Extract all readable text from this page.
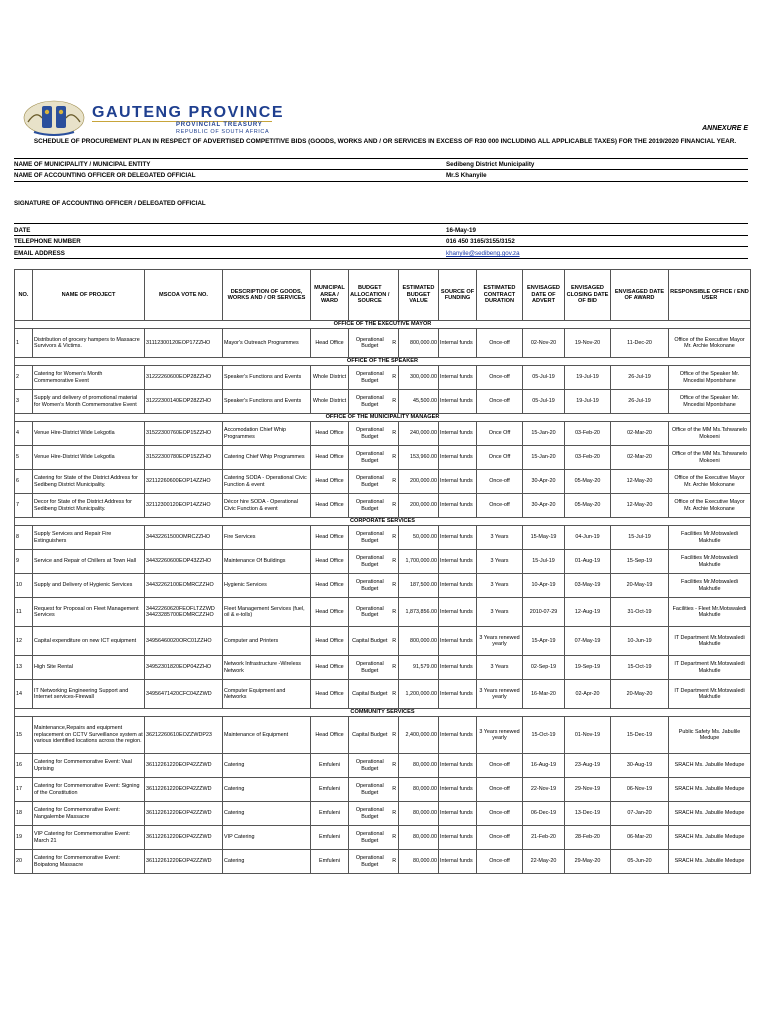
GAUTENG PROVINCE
PROVINCIAL TREASURY
REPUBLIC OF SOUTH AFRICA	ANNEXURE E
SCHEDULE OF PROCUREMENT PLAN IN RESPECT OF ADVERTISED COMPETITIVE BIDS (GOODS, WORKS AND / OR SERVICES IN EXCESS OF R30 000 INCLUDING ALL APPLICABLE TAXES) FOR THE 2019/2020 FINANCIAL YEAR.
NAME OF MUNICIPALITY / MUNICIPAL ENTITY	Sedibeng District Municipality
NAME OF ACCOUNTING OFFICER OR DELEGATED OFFICIAL	Mr.S Khanyile
SIGNATURE OF ACCOUNTING OFFICER / DELEGATED OFFICIAL
DATE	16-May-19
TELEPHONE NUMBER	016 450 3165/3155/3152
EMAIL ADDRESS	khanyile@sedibeng.gov.za
NO.	NAME OF PROJECT	MSCOA VOTE NO.	DESCRIPTION OF GOODS, WORKS AND / OR SERVICES	MUNICIPAL AREA / WARD	BUDGET ALLOCATION / SOURCE		ESTIMATED BUDGET VALUE	SOURCE OF FUNDING	ESTIMATED CONTRACT DURATION	ENVISAGED DATE OF ADVERT	ENVISAGED CLOSING DATE OF BID	ENVISAGED DATE OF AWARD	RESPONSIBLE OFFICE / END USER
OFFICE OF THE EXECUTIVE MAYOR													
1	Distribution of grocery hampers to Massacre Survivors & Victims.	31112300120EOP17ZZHO	Mayor's Outreach Programmes	Head Office	Operational Budget	R	800,000.00	Internal funds	Once-off	02-Nov-20	19-Nov-20	11-Dec-20	Office of the Executive Mayor Mr. Archie Mokonane
OFFICE OF THE SPEAKER													
2	Catering for Women's Month Commemorative Event	31222260600EOP28ZZHO	Speaker's Functions and Events	Whole District	Operational Budget	R	300,000.00	Internal funds	Once-off	05-Jul-19	19-Jul-19	26-Jul-19	Office of the Speaker Mr. Mncedisi Mpontshane
3	Supply and delivery of promotional material for Women's Month Commemorative Event	31222300140EOP28ZZHO	Speaker's Functions and Events	Whole District	Operational Budget	R	45,500.00	Internal funds	Once-off	05-Jul-19	19-Jul-19	26-Jul-19	Office of the Speaker Mr. Mncedisi Mpontshane
OFFICE OF THE MUNICIPALITY MANAGER													
4	Venue Hire-District Wide Lekgotla	31522300760EOP15ZZHO	Accomodation Chief Whip Programmes	Head Office	Operational Budget	R	240,000.00	Internal funds	Once Off	15-Jan-20	03-Feb-20	02-Mar-20	Office of the MM Ms.Tshwanelo Mokoeni
5	Venue Hire-District Wide Lekgotla	31522300780EOP15ZZHO	Catering Chief Whip Programmes	Head Office	Operational Budget	R	153,960.00	Internal funds	Once Off	15-Jan-20	03-Feb-20	02-Mar-20	Office of the MM Ms.Tshwanelo Mokoeni
6	Catering for State of the District Address for Sedibeng District Municipality.	32112260600EOP14ZZHO	Catering SODA - Operational Civic Function & event	Head Office	Operational Budget	R	200,000.00	Internal funds	Once-off	30-Apr-20	05-May-20	12-May-20	Office of the Executive Mayor Mr. Archie Mokonane
7	Decor for State of the District Address for Sedibeng District Municipality.	32112300120EOP14ZZHO	Décor hire SODA - Operational Civic Function & event	Head Office	Operational Budget	R	200,000.00	Internal funds	Once-off	30-Apr-20	05-May-20	12-May-20	Office of the Executive Mayor Mr. Archie Mokonane
CORPORATE SERVICES													
8	Supply Services and Repair Fire Extinguishers	34432261500OMRCZZHO	Fire Services	Head Office	Operational Budget	R	50,000.00	Internal funds	3 Years	15-May-19	04-Jun-19	15-Jul-19	Facilities Mr.Motswaledi Makhutle
9	Service and Repair of Chillers at Town Hall	34432260600EOP43ZZHO	Maintenance Of Buildings	Head Office	Operational Budget	R	1,700,000.00	Internal funds	3 Years	15-Jul-19	01-Aug-19	15-Sep-19	Facilities Mr.Motswaledi Makhutle
10	Supply and Delivery of Hygienic Services	34432262100EOMRCZZHO	Hygienic Services	Head Office	Operational Budget	R	187,500.00	Internal funds	3 Years	10-Apr-19	03-May-19	20-May-19	Facilities Mr.Motswaledi Makhutle
11	Request for Proposal on Fleet Management Services	34422260620FEOFLTZZWD 34423285700EOMRCZZHO	Fleet Management Services (fuel, oil & e-tolls)	Head Office	Operational Budget	R	1,873,856.00	Internal funds	3 Years	2010-07-29	12-Aug-19	31-Oct-19	Facilities - Fleet Mr.Motswaledi Makhutle
12	Capital expenditure on new ICT equipment	34956460020ORC01ZZHO	Computer and Printers	Head Office	Capital Budget	R	800,000.00	Internal funds	3 Years renewed yearly	15-Apr-19	07-May-19	10-Jun-19	IT Department Mr.Motswaledi Makhutle
13	High Site Rental	34952301820EOP04ZZHO	Network Infrastructure -Wireless Network	Head Office	Operational Budget	R	91,579.00	Internal funds	3 Years	02-Sep-19	19-Sep-19	15-Oct-19	IT Department Mr.Motswaledi Makhutle
14	IT Networking Engineering Support and Internet services-Firewall	34956471420CFC04ZZWD	Computer Equipment and Networks	Head Office	Capital Budget	R	1,200,000.00	Internal funds	3 Years renewed yearly	16-Mar-20	02-Apr-20	20-May-20	IT Department Mr.Motswaledi Makhutle
COMMUNITY SERVICES													
15	Maintenance,Repairs and equipment replacement on CCTV Surveillance system at various identified locations across the region.	36212260610EOZZWDP23	Maintenance of Equipment	Head Office	Capital Budget	R	2,400,000.00	Internal funds	3 Years renewed yearly	15-Oct-19	01-Nov-19	15-Dec-19	Public Safety Ms. Jabulile Medupe
16	Catering for Commemorative Event: Vaal Uprising	36112261220EOP42ZZWD	Catering	Emfuleni	Operational Budget	R	80,000.00	Internal funds	Once-off	16-Aug-19	23-Aug-19	30-Aug-19	SRACH Ms. Jabulile Medupe
17	Catering for Commemorative Event: Signing of the Constitution	36112261220EOP42ZZWD	Catering	Emfuleni	Operational Budget	R	80,000.00	Internal funds	Once-off	22-Nov-19	29-Nov-19	06-Nov-19	SRACH Ms. Jabulile Medupe
18	Catering for Commemorative Event: Nangalembe Massacre	36112261220EOP42ZZWD	Catering	Emfuleni	Operational Budget	R	80,000.00	Internal funds	Once-off	06-Dec-19	13-Dec-19	07-Jan-20	SRACH Ms. Jabulile Medupe
19	VIP Catering for Commemorative Event: March 21	36112261220EOP42ZZWD	VIP Catering	Emfuleni	Operational Budget	R	80,000.00	Internal funds	Once-off	21-Feb-20	28-Feb-20	06-Mar-20	SRACH Ms. Jabulile Medupe
20	Catering for Commemorative Event: Boipatong Massacre	36112261220EOP42ZZWD	Catering	Emfuleni	Operational Budget	R	80,000.00	Internal funds	Once-off	22-May-20	29-May-20	05-Jun-20	SRACH Ms. Jabulile Medupe
